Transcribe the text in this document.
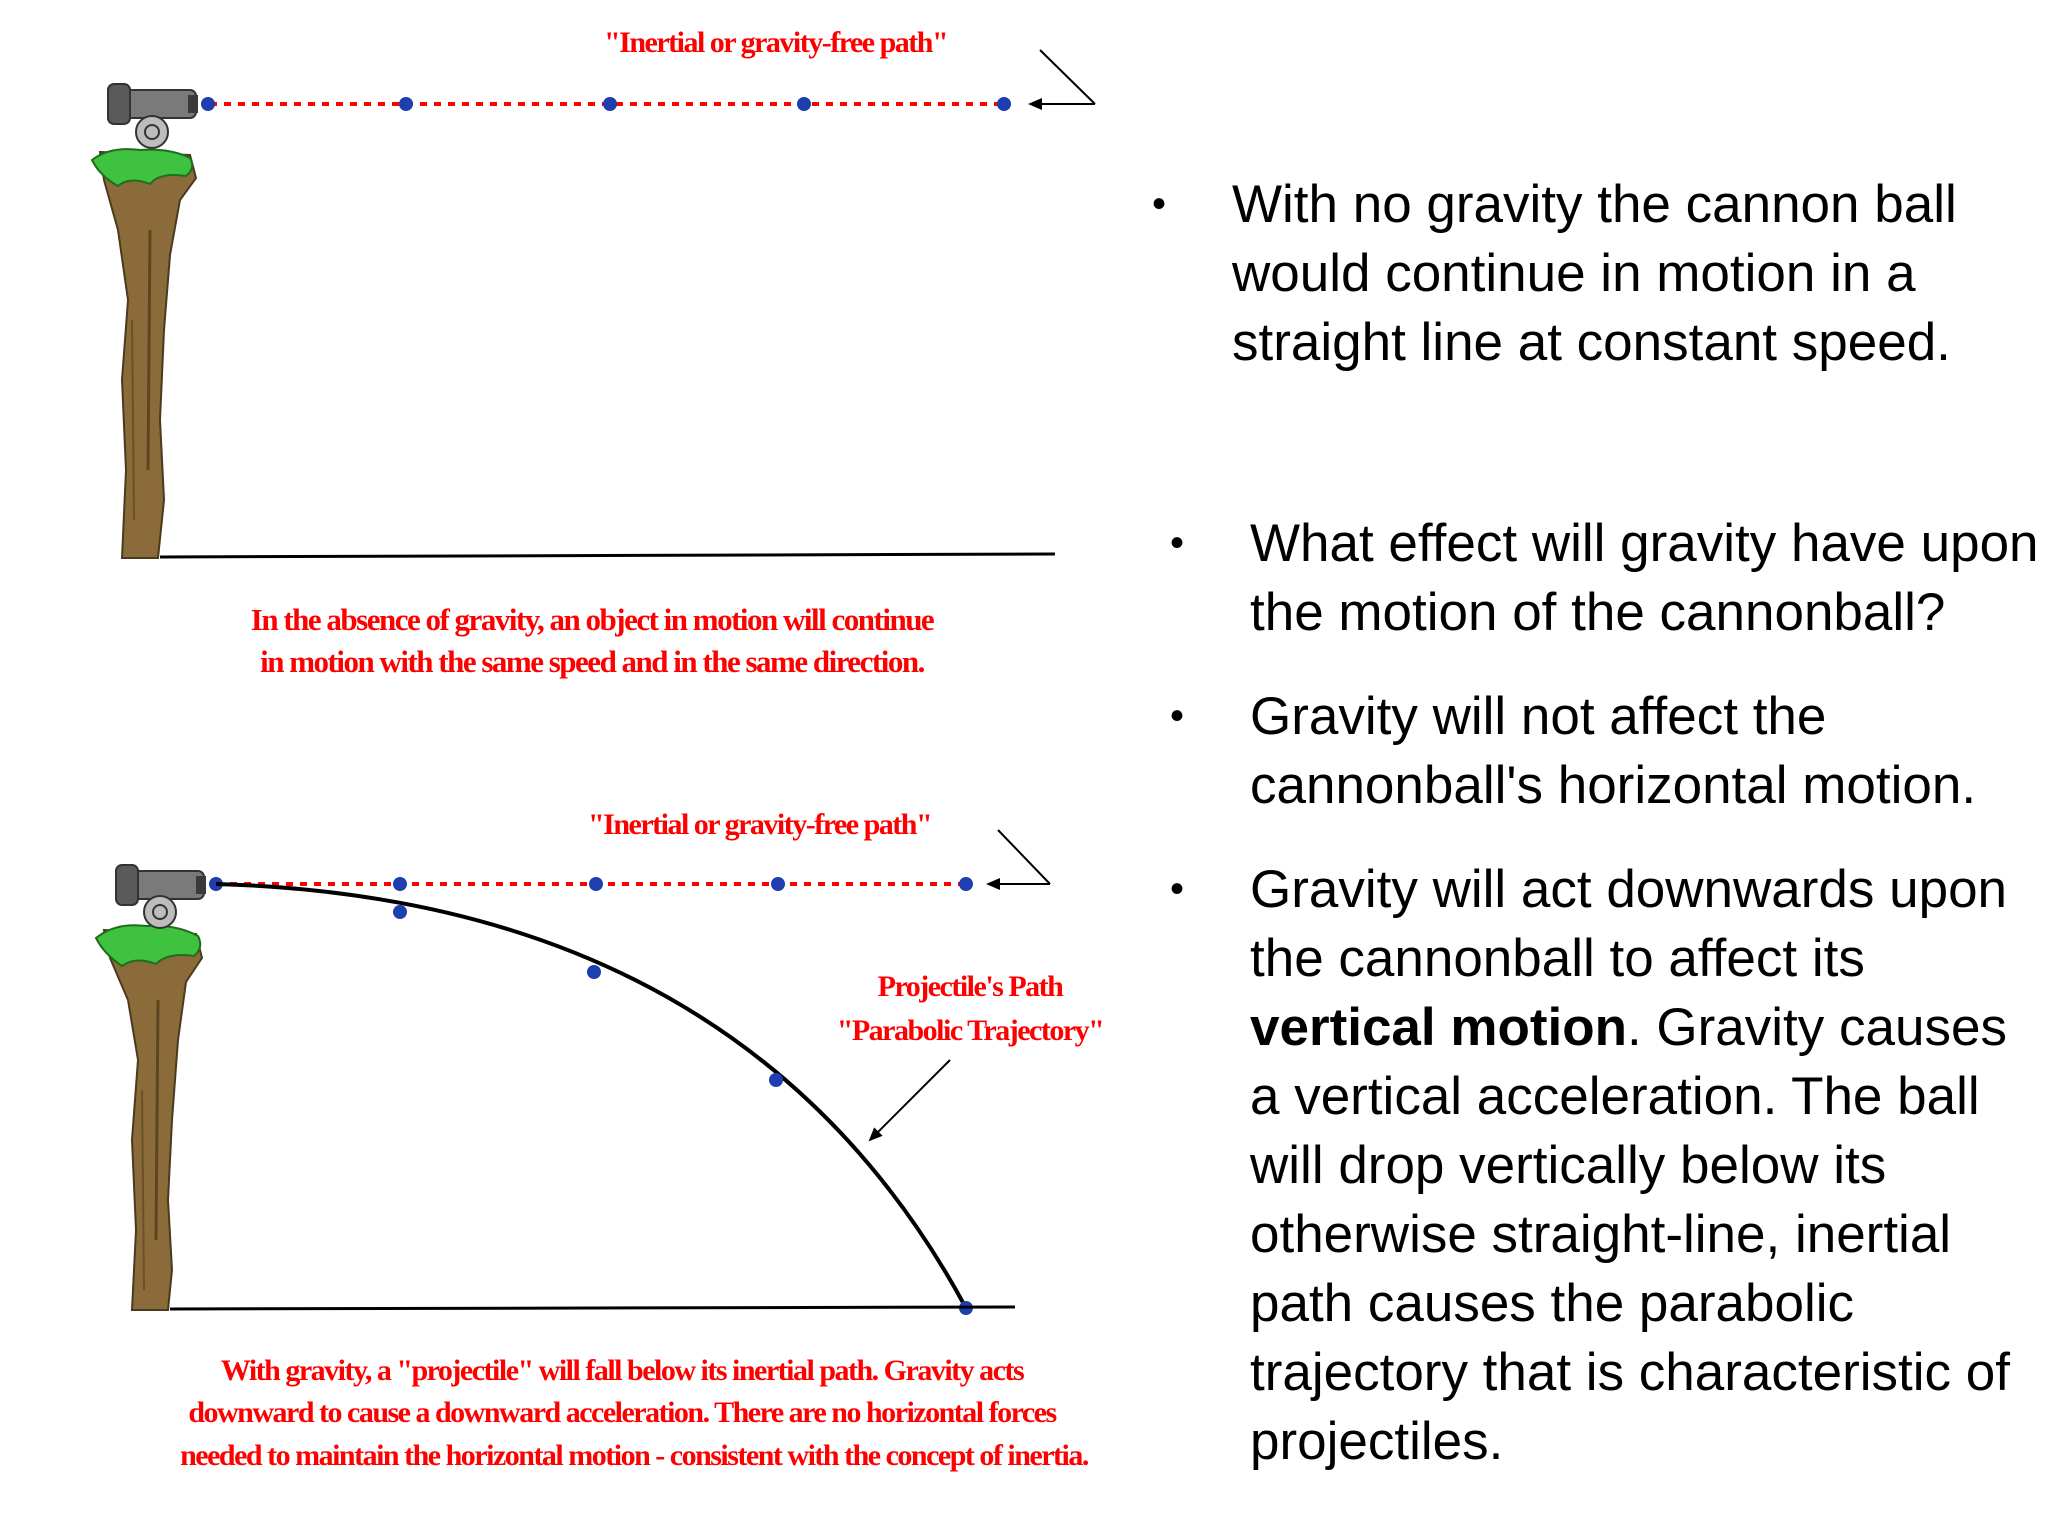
"Inertial or gravity-free path"
In the absence of gravity, an object in motion will continue
in motion with the same speed and in the same direction.
"Inertial or gravity-free path"
Projectile's Path
"Parabolic Trajectory"
With gravity, a "projectile" will fall below its inertial path. Gravity acts
downward to cause a downward acceleration. There are no horizontal forces
needed to maintain the horizontal motion - consistent with the concept of inertia.
• With no gravity the cannon ball would continue in motion in a straight line at constant speed.
• What effect will gravity have upon the motion of the cannonball?
• Gravity will not affect the cannonball's horizontal motion.
• Gravity will act downwards upon the cannonball to affect its vertical motion. Gravity causes a vertical acceleration. The ball will drop vertically below its otherwise straight-line, inertial path causes the parabolic trajectory that is characteristic of projectiles.
